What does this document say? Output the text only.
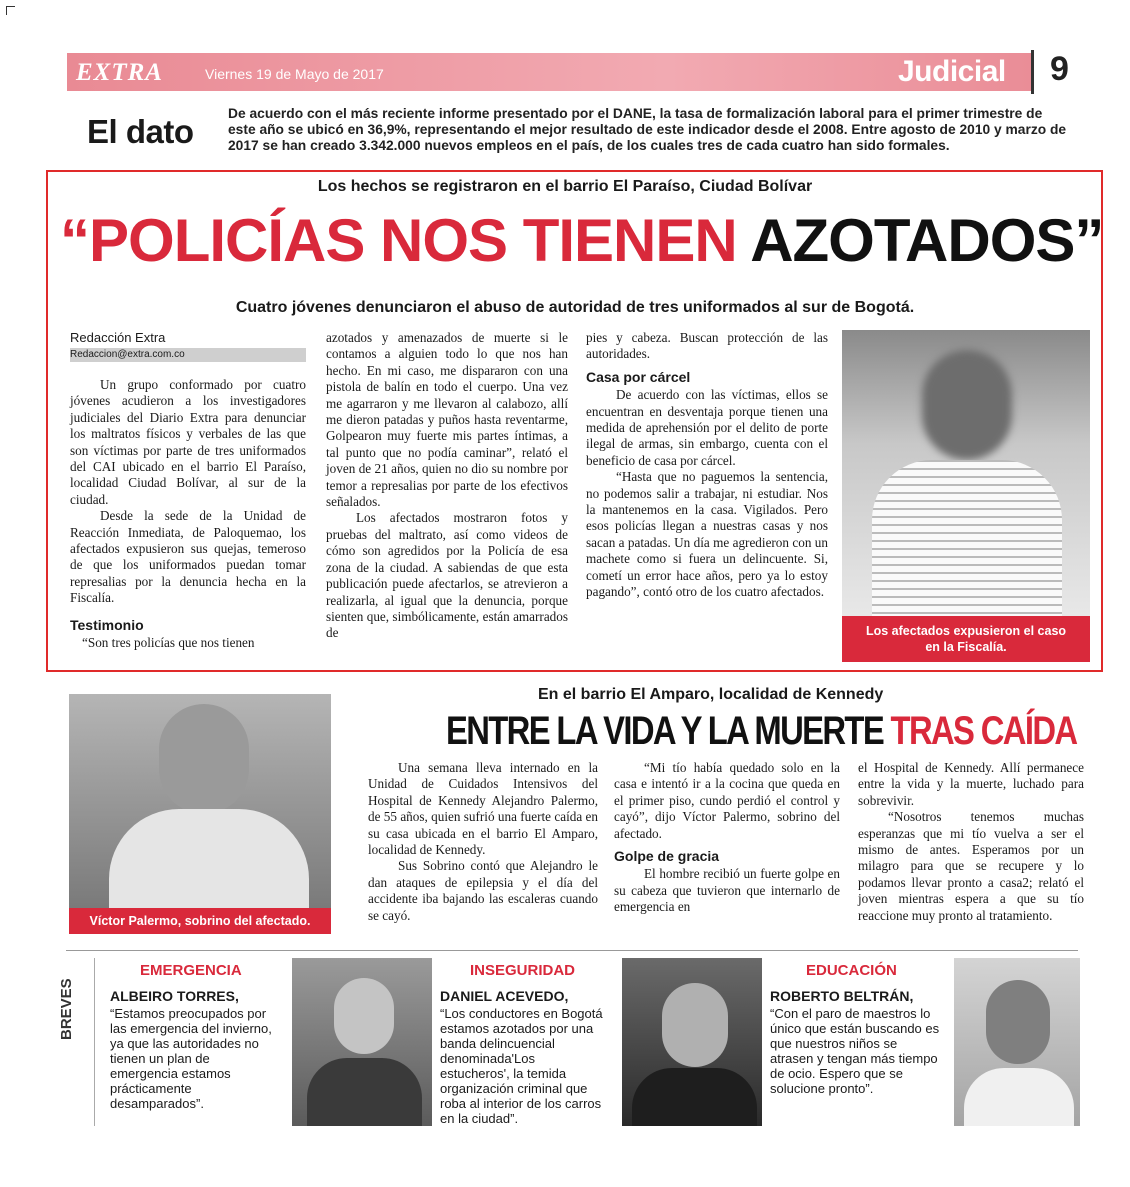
EXTRA	Viernes 19 de Mayo de 2017	Judicial 9
El dato De acuerdo con el más reciente informe presentado por el DANE, la tasa de formalización laboral para el primer trimestre de este año se ubicó en 36,9%, representando el mejor resultado de este indicador desde el 2008. Entre agosto de 2010 y marzo de 2017 se han creado 3.342.000 nuevos empleos en el país, de los cuales tres de cada cuatro han sido formales.
Los hechos se registraron en el barrio El Paraíso, Ciudad Bolívar
“POLICÍAS NOS TIENEN AZOTADOS”
Cuatro jóvenes denunciaron el abuso de autoridad de tres uniformados al sur de Bogotá.
Redacción Extra
Redaccion@extra.com.co

Un grupo conformado por cuatro jóvenes acudieron a los investigadores judiciales del Diario Extra para denunciar los maltratos físicos y verbales de las que son víctimas por parte de tres uniformados del CAI ubicado en el barrio El Paraíso, localidad Ciudad Bolívar, al sur de la ciudad.

Desde la sede de la Unidad de Reacción Inmediata, de Paloquemao, los afectados expusieron sus quejas, temeroso de que los uniformados puedan tomar represalias por la denuncia hecha en la Fiscalía.

Testimonio

“Son tres policías que nos tienen

azotados y amenazados de muerte si le contamos a alguien todo lo que nos han hecho. En mi caso, me dispararon con una pistola de balín en todo el cuerpo. Una vez me agarraron y me llevaron al calabozo, allí me dieron patadas y puños hasta reventarme, Golpearon muy fuerte mis partes íntimas, a tal punto que no podía caminar”, relató el joven de 21 años, quien no dio su nombre por temor a represalias por parte de los efectivos señalados.

Los afectados mostraron fotos y pruebas del maltrato, así como videos de cómo son agredidos por la Policía de esa zona de la ciudad. A sabiendas de que esta publicación puede afectarlos, se atrevieron a realizarla, al igual que la denuncia, porque sienten que, simbólicamente, están amarrados de

pies y cabeza. Buscan protección de las autoridades.

Casa por cárcel

De acuerdo con las víctimas, ellos se encuentran en desventaja porque tienen una medida de aprehensión por el delito de porte ilegal de armas, sin embargo, cuenta con el beneficio de casa por cárcel.

“Hasta que no paguemos la sentencia, no podemos salir a trabajar, ni estudiar. Nos la mantenemos en la casa. Vigilados. Pero esos policías llegan a nuestras casas y nos sacan a patadas. Un día me agredieron con un machete como si fuera un delincuente. Si, cometí un error hace años, pero ya lo estoy pagando”, contó otro de los cuatro afectados.

Los afectados expusieron el caso en la Fiscalía.
Víctor Palermo, sobrino del afectado.
En el barrio El Amparo, localidad de Kennedy
ENTRE LA VIDA Y LA MUERTE TRAS CAÍDA

Una semana lleva internado en la Unidad de Cuidados Intensivos del Hospital de Kennedy Alejandro Palermo, de 55 años, quien sufrió una fuerte caída en su casa ubicada en el barrio El Amparo, localidad de Kennedy.

Sus Sobrino contó que Alejandro le dan ataques de epilepsia y el día del accidente iba bajando las escaleras cuando se cayó.

“Mi tío había quedado solo en la casa e intentó ir a la cocina que queda en el primer piso, cundo perdió el control y cayó”, dijo Víctor Palermo, sobrino del afectado.

Golpe de gracia

El hombre recibió un fuerte golpe en su cabeza que tuvieron que internarlo de emergencia en

el Hospital de Kennedy. Allí permanece entre la vida y la muerte, luchado para sobrevivir.

“Nosotros tenemos muchas esperanzas que mi tío vuelva a ser el mismo de antes. Esperamos por un milagro para que se recupere y lo podamos llevar pronto a casa2; relató el joven mientras espera a que su tío reaccione muy pronto al tratamiento.

BREVES
EMERGENCIA
ALBEIRO TORRES,
“Estamos preocupados por las emergencia del invierno, ya que las autoridades no tienen un plan de emergencia estamos prácticamente desamparados”.
INSEGURIDAD
DANIEL ACEVEDO,
“Los conductores en Bogotá estamos azotados por una banda delincuencial denominada'Los estucheros', la temida organización criminal que roba al interior de los carros en la ciudad”.
EDUCACIÓN
ROBERTO BELTRÁN,
“Con el paro de maestros lo único que están buscando es que nuestros niños se atrasen y tengan más tiempo de ocio. Espero que se solucione pronto”.
